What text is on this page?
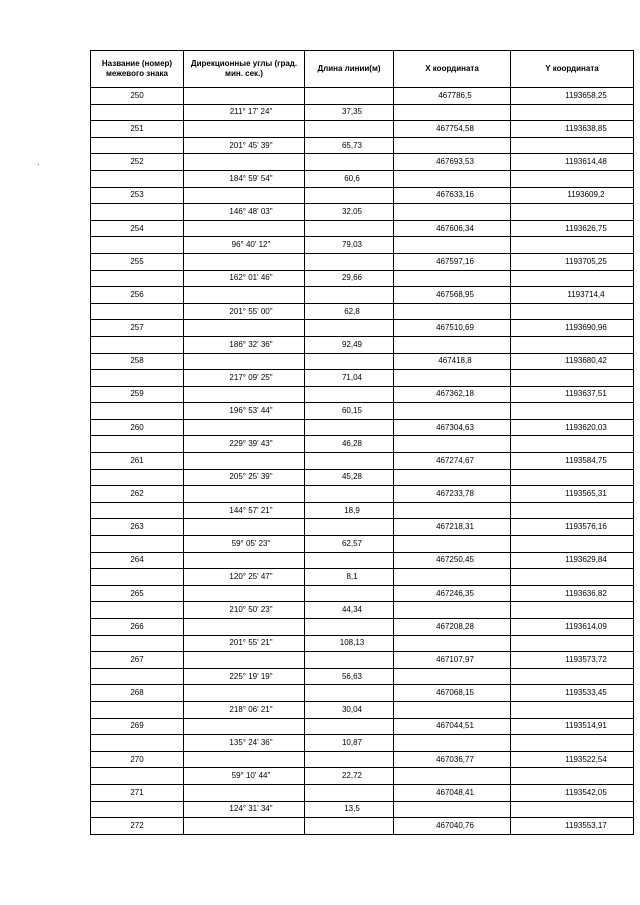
Название (номер) межевого знака	Дирекционные углы (град. мин. сек.)	Длина линии(м)	X координата	Y координата
250			467786,5	1193658,25
	211° 17' 24"	37,35		
251			467754,58	1193638,85
	201° 45' 39"	65,73		
252			467693,53	1193614,48
	184° 59' 54"	60,6		
253			467633,16	1193609,2
	146° 48' 03"	32,05		
254			467606,34	1193626,75
	96° 40' 12"	79,03		
255			467597,16	1193705,25
	162° 01' 46"	29,66		
256			467568,95	1193714,4
	201° 55' 00"	62,8		
257			467510,69	1193690,96
	186° 32' 36"	92,49		
258			467418,8	1193680,42
	217° 09' 25"	71,04		
259			467362,18	1193637,51
	196° 53' 44"	60,15		
260			467304,63	1193620,03
	229° 39' 43"	46,28		
261			467274,67	1193584,75
	205° 25' 39"	45,28		
262			467233,78	1193565,31
	144° 57' 21"	18,9		
263			467218,31	1193576,16
	59° 05' 23"	62,57		
264			467250,45	1193629,84
	120° 25' 47"	8,1		
265			467246,35	1193636,82
	210° 50' 23"	44,34		
266			467208,28	1193614,09
	201° 55' 21"	108,13		
267			467107,97	1193573,72
	225° 19' 19"	56,63		
268			467068,15	1193533,45
	218° 06' 21"	30,04		
269			467044,51	1193514,91
	135° 24' 36"	10,87		
270			467036,77	1193522,54
	59° 10' 44"	22,72		
271			467048,41	1193542,05
	124° 31' 34"	13,5		
272			467040,76	1193553,17
